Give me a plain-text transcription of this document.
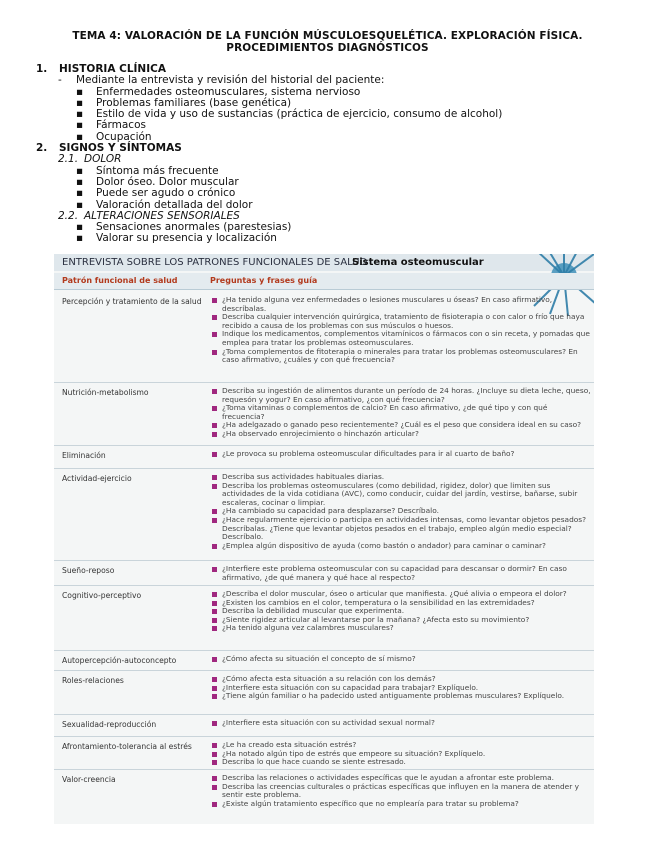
TEMA 4: VALORACIÓN DE LA FUNCIÓN MÚSCULOESQUELÉTICA. EXPLORACIÓN FÍSICA. PROCEDIMIENTOS DIAGNÓSTICOS
1.	HISTORIA CLÍNICA
-	Mediante la entrevista y revisión del historial del paciente:
▪	Enfermedades osteomusculares, sistema nervioso
▪	Problemas familiares (base genética)
▪	Estilo de vida y uso de sustancias (práctica de ejercicio, consumo de alcohol)
▪	Fármacos
▪	Ocupación
2.	SIGNOS Y SÍNTOMAS
2.1. DOLOR
▪	Síntoma más frecuente
▪	Dolor óseo. Dolor muscular
▪	Puede ser agudo o crónico
▪	Valoración detallada del dolor
2.2. ALTERACIONES SENSORIALES
▪	Sensaciones anormales (parestesias)
▪	Valorar su presencia y localización
ENTREVISTA SOBRE LOS PATRONES FUNCIONALES DE SALUD
Sistema osteomuscular
Patrón funcional de salud	Preguntas y frases guía
Percepción y tratamiento de la salud	¿Ha tenido alguna vez enfermedades o lesiones musculares u óseas? En caso afirmativo, descríbalas.
Describa cualquier intervención quirúrgica, tratamiento de fisioterapia o con calor o frío que haya recibido a causa de los problemas con sus músculos o huesos.
Indique los medicamentos, complementos vitamínicos o fármacos con o sin receta, y pomadas que emplea para tratar los problemas osteomusculares.
¿Toma complementos de fitoterapia o minerales para tratar los problemas osteomusculares? En caso afirmativo, ¿cuáles y con qué frecuencia?
Nutrición-metabolismo	Describa su ingestión de alimentos durante un período de 24 horas. ¿Incluye su dieta leche, queso, requesón y yogur? En caso afirmativo, ¿con qué frecuencia?
¿Toma vitaminas o complementos de calcio? En caso afirmativo, ¿de qué tipo y con qué frecuencia?
¿Ha adelgazado o ganado peso recientemente? ¿Cuál es el peso que considera ideal en su caso?
¿Ha observado enrojecimiento o hinchazón articular?
Eliminación	¿Le provoca su problema osteomuscular dificultades para ir al cuarto de baño?
Actividad-ejercicio	Describa sus actividades habituales diarias.
Describa los problemas osteomusculares (como debilidad, rigidez, dolor) que limiten sus actividades de la vida cotidiana (AVC), como conducir, cuidar del jardín, vestirse, bañarse, subir escaleras, cocinar o limpiar.
¿Ha cambiado su capacidad para desplazarse? Descríbalo.
¿Hace regularmente ejercicio o participa en actividades intensas, como levantar objetos pesados? Descríbalas. ¿Tiene que levantar objetos pesados en el trabajo, empleo algún medio especial? Descríbalo.
¿Emplea algún dispositivo de ayuda (como bastón o andador) para caminar o caminar?
Sueño-reposo	¿Interfiere este problema osteomuscular con su capacidad para descansar o dormir? En caso afirmativo, ¿de qué manera y qué hace al respecto?
Cognitivo-perceptivo	¿Describa el dolor muscular, óseo o articular que manifiesta. ¿Qué alivia o empeora el dolor?
¿Existen los cambios en el color, temperatura o la sensibilidad en las extremidades?
Describa la debilidad muscular que experimenta.
¿Siente rigidez articular al levantarse por la mañana? ¿Afecta esto su movimiento?
¿Ha tenido alguna vez calambres musculares?
Autopercepción-autoconcepto	¿Cómo afecta su situación el concepto de sí mismo?
Roles-relaciones	¿Cómo afecta esta situación a su relación con los demás?
¿Interfiere esta situación con su capacidad para trabajar? Explíquelo.
¿Tiene algún familiar o ha padecido usted antiguamente problemas musculares? Explíquelo.
Sexualidad-reproducción	¿Interfiere esta situación con su actividad sexual normal?
Afrontamiento-tolerancia al estrés	¿Le ha creado esta situación estrés?
¿Ha notado algún tipo de estrés que empeore su situación? Explíquelo.
Describa lo que hace cuando se siente estresado.
Valor-creencia	Describa las relaciones o actividades específicas que le ayudan a afrontar este problema.
Describa las creencias culturales o prácticas específicas que influyen en la manera de atender y sentir este problema.
¿Existe algún tratamiento específico que no emplearía para tratar su problema?
